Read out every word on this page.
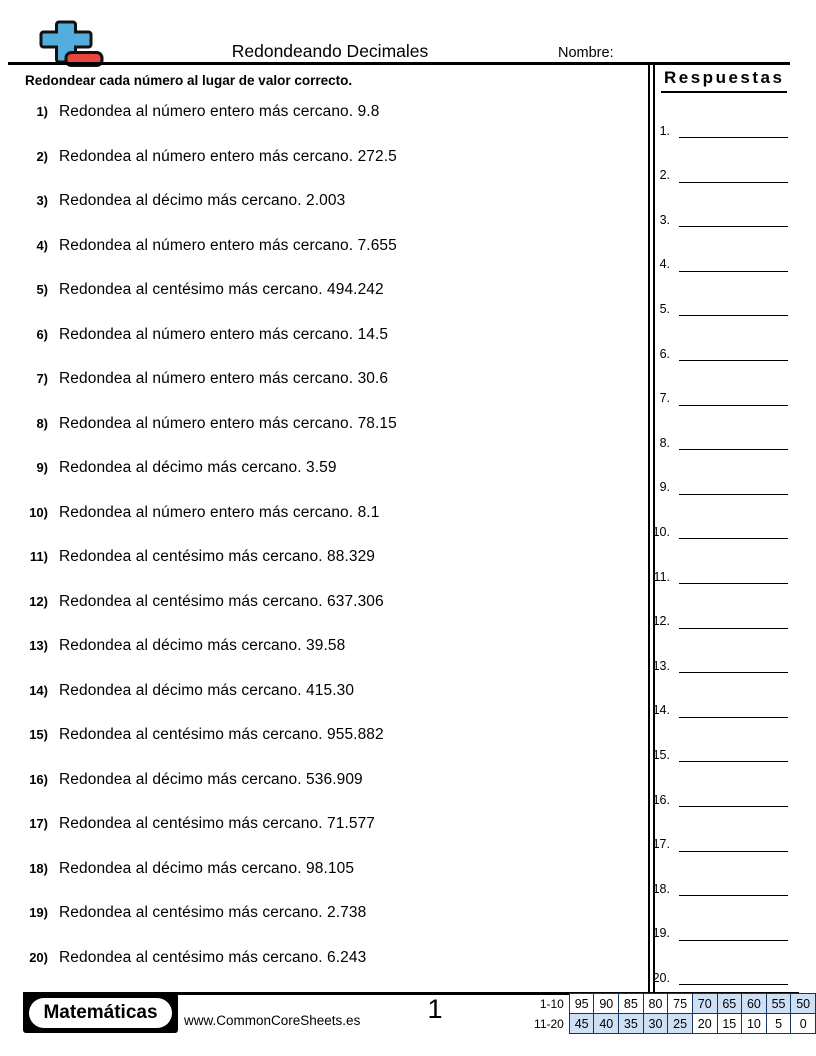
Redondeando Decimales	Nombre:
Redondear cada número al lugar de valor correcto.	Respuestas
1.
2.
3.
4.
5.
6.
7.
8.
9.
10.
11.
12.
13.
14.
15.
16.
17.
18.
19.
20.
1) Redondea al número entero más cercano. 9.8
2) Redondea al número entero más cercano. 272.5
3) Redondea al décimo más cercano. 2.003
4) Redondea al número entero más cercano. 7.655
5) Redondea al centésimo más cercano. 494.242
6) Redondea al número entero más cercano. 14.5
7) Redondea al número entero más cercano. 30.6
8) Redondea al número entero más cercano. 78.15
9) Redondea al décimo más cercano. 3.59
10) Redondea al número entero más cercano. 8.1
11) Redondea al centésimo más cercano. 88.329
12) Redondea al centésimo más cercano. 637.306
13) Redondea al décimo más cercano. 39.58
14) Redondea al décimo más cercano. 415.30
15) Redondea al centésimo más cercano. 955.882
16) Redondea al décimo más cercano. 536.909
17) Redondea al centésimo más cercano. 71.577
18) Redondea al décimo más cercano. 98.105
19) Redondea al centésimo más cercano. 2.738
20) Redondea al centésimo más cercano. 6.243
Matemáticas	www.CommonCoreSheets.es	1	1-10	95	90	85	80	75	70	65	60	55	50
11-20	45	40	35	30	25	20	15	10	5	0
